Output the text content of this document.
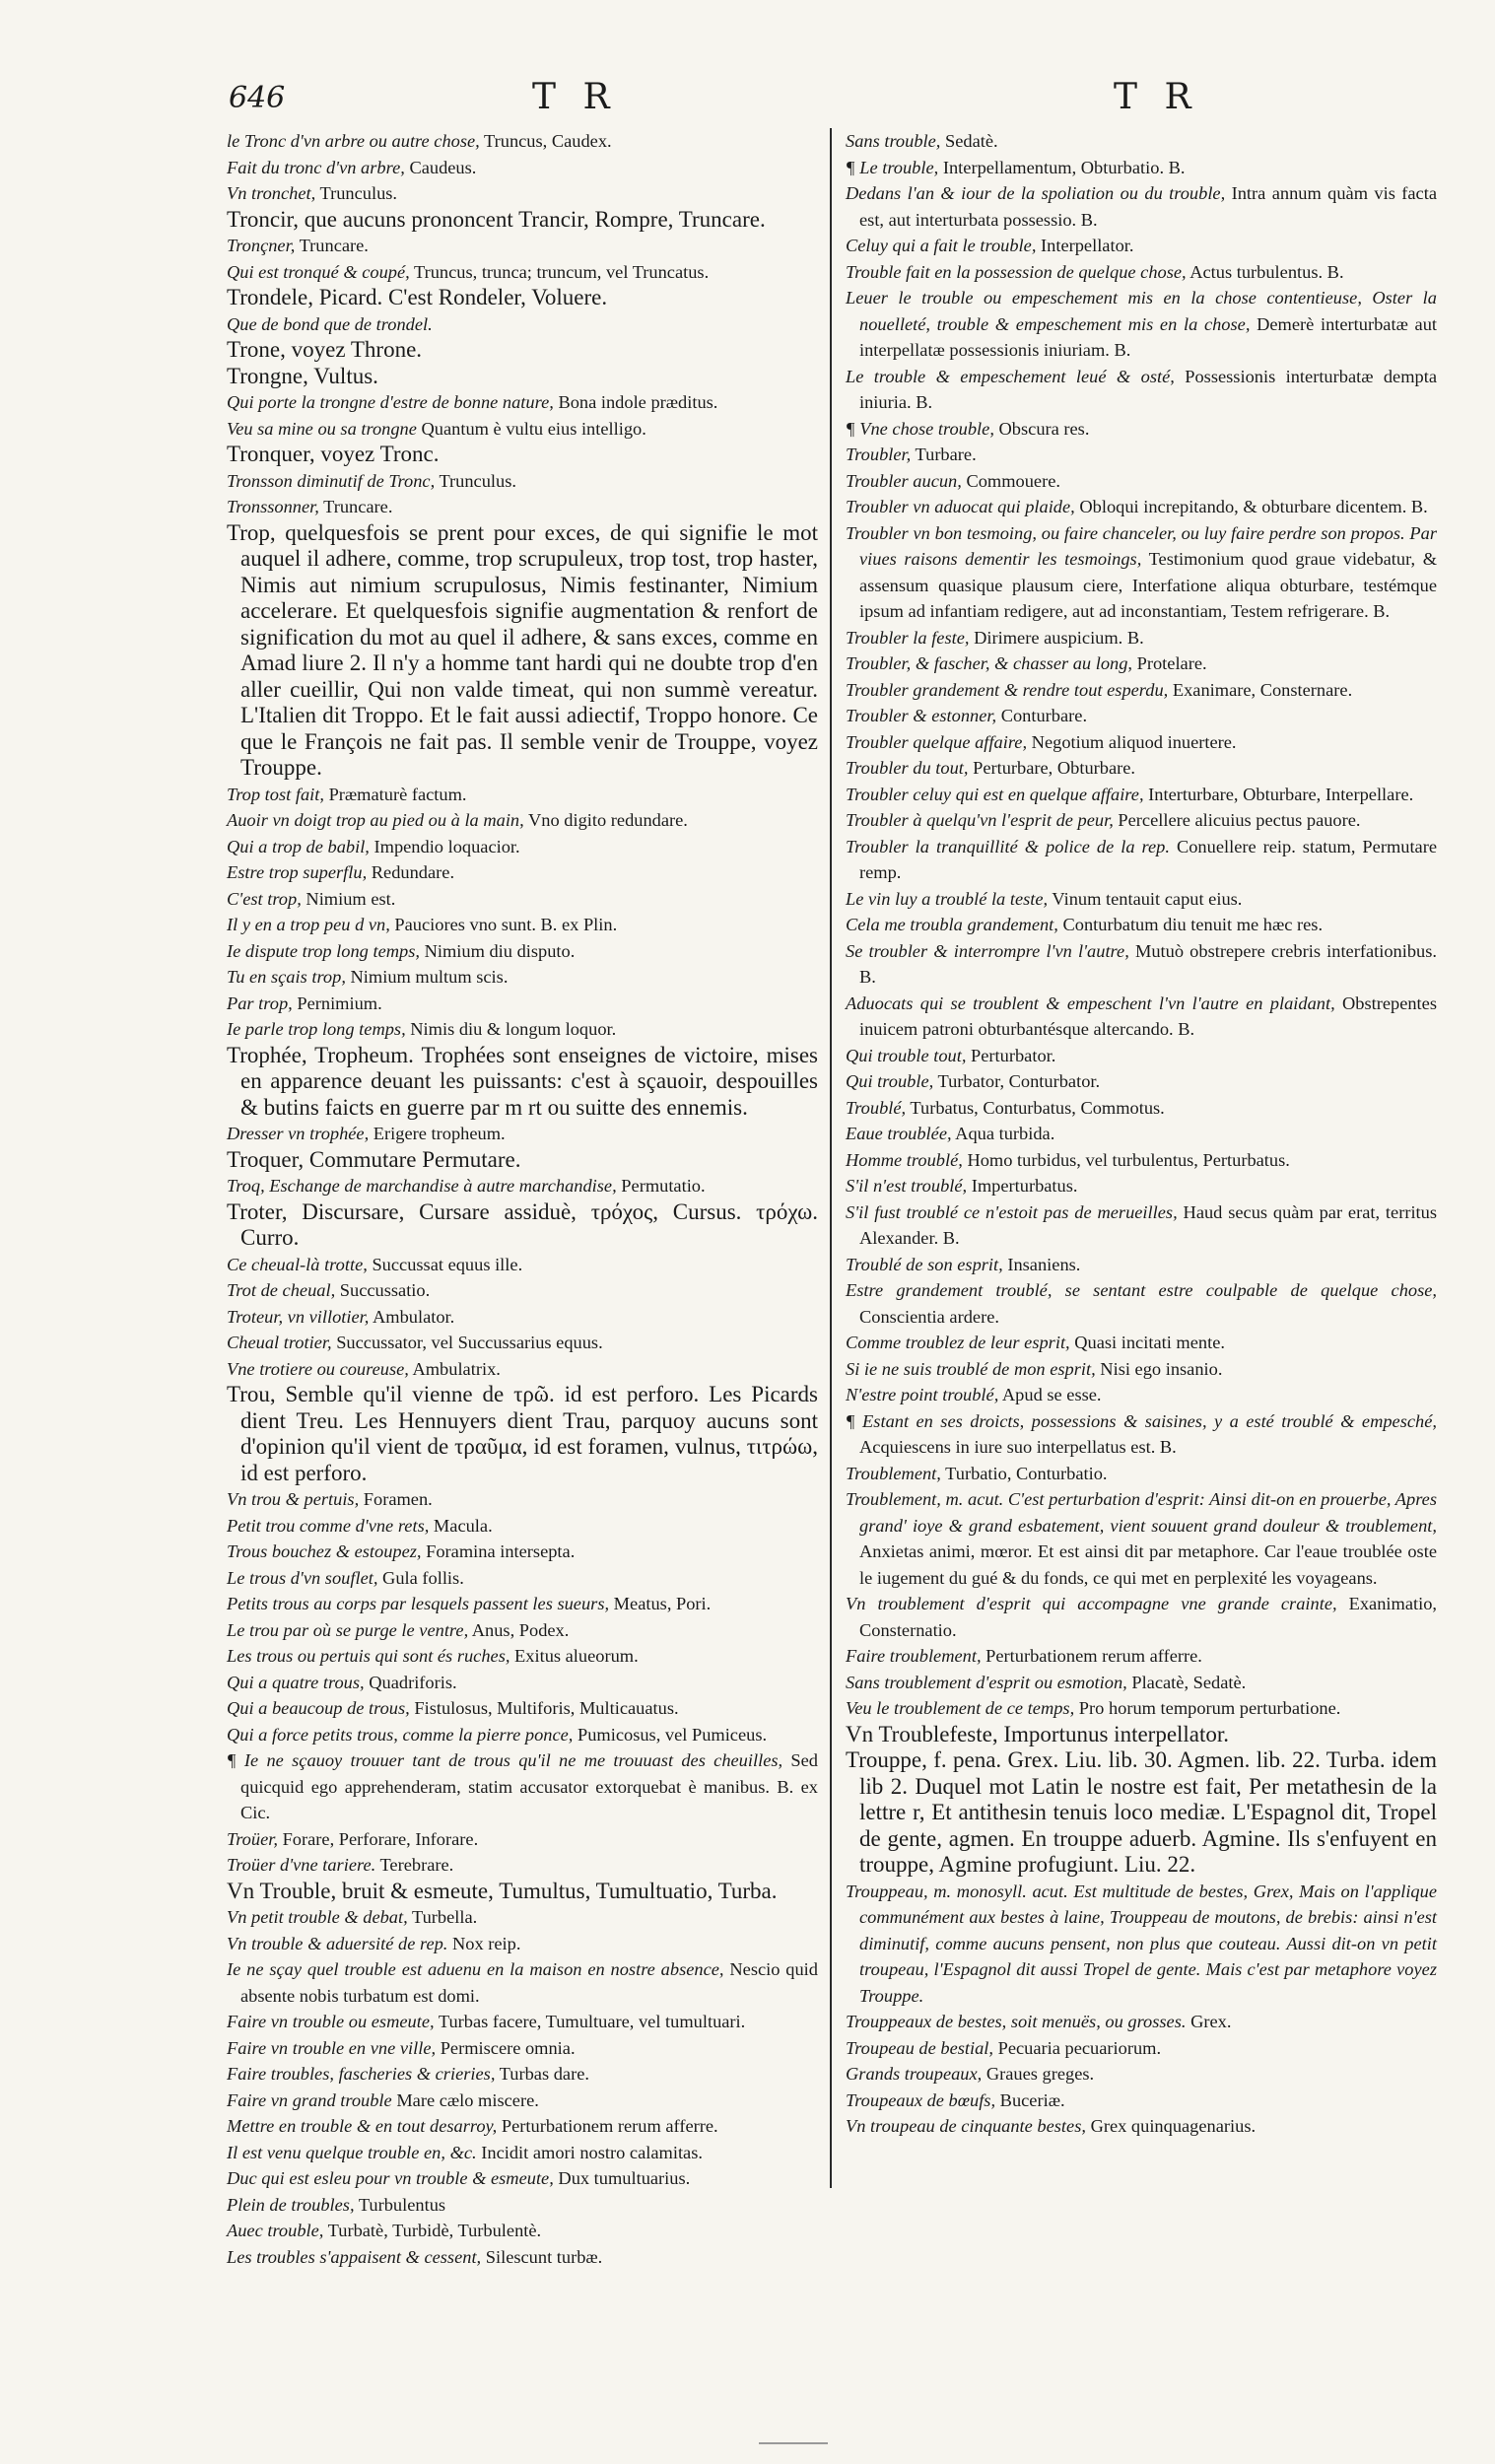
646	T R	T R

le Tronc d'vn arbre ou autre chose, Truncus, Caudex.

Fait du tronc d'vn arbre, Caudeus.

Vn tronchet, Trunculus.

Troncir, que aucuns prononcent Trancir, Rompre, Truncare.

Tronçner, Truncare.

Qui est tronqué & coupé, Truncus, trunca; truncum, vel Truncatus.

Trondele, Picard. C'est Rondeler, Voluere.

Que de bond que de trondel.

Trone, voyez Throne.

Trongne, Vultus.

Qui porte la trongne d'estre de bonne nature, Bona indole præditus.

Veu sa mine ou sa trongne Quantum è vultu eius intelligo.

Tronquer, voyez Tronc.

Tronsson diminutif de Tronc, Trunculus.

Tronssonner, Truncare.

Trop, quelquesfois se prent pour exces, de qui signifie le mot auquel il adhere, comme, trop scrupuleux, trop tost, trop haster, Nimis aut nimium scrupulosus, Nimis festinanter, Nimium accelerare. Et quelquesfois signifie augmentation & renfort de signification du mot au quel il adhere, & sans exces, comme en Amad liure 2. Il n'y a homme tant hardi qui ne doubte trop d'en aller cueillir, Qui non valde timeat, qui non summè vereatur. L'Italien dit Troppo. Et le fait aussi adiectif, Troppo honore. Ce que le François ne fait pas. Il semble venir de Trouppe, voyez Trouppe.

Trop tost fait, Præmaturè factum.

Auoir vn doigt trop au pied ou à la main, Vno digito redundare.

Qui a trop de babil, Impendio loquacior.

Estre trop superflu, Redundare.

C'est trop, Nimium est.

Il y en a trop peu d vn, Pauciores vno sunt. B. ex Plin.

Ie dispute trop long temps, Nimium diu disputo.

Tu en sçais trop, Nimium multum scis.

Par trop, Pernimium.

Ie parle trop long temps, Nimis diu & longum loquor.

Trophée, Tropheum. Trophées sont enseignes de victoire, mises en apparence deuant les puissants: c'est à sçauoir, despouilles & butins faicts en guerre par m rt ou suitte des ennemis.

Dresser vn trophée, Erigere tropheum.

Troquer, Commutare Permutare.

Troq, Eschange de marchandise à autre marchandise, Permutatio.

Troter, Discursare, Cursare assiduè, τρόχος, Cursus. τρόχω. Curro.

Ce cheual-là trotte, Succussat equus ille.

Trot de cheual, Succussatio.

Troteur, vn villotier, Ambulator.

Cheual trotier, Succussator, vel Succussarius equus.

Vne trotiere ou coureuse, Ambulatrix.

Trou, Semble qu'il vienne de τρῶ. id est perforo. Les Picards dient Treu. Les Hennuyers dient Trau, parquoy aucuns sont d'opinion qu'il vient de τραῦμα, id est foramen, vulnus, τιτρώω, id est perforo.

Vn trou & pertuis, Foramen.

Petit trou comme d'vne rets, Macula.

Trous bouchez & estoupez, Foramina intersepta.

Le trous d'vn souflet, Gula follis.

Petits trous au corps par lesquels passent les sueurs, Meatus, Pori.

Le trou par où se purge le ventre, Anus, Podex.

Les trous ou pertuis qui sont és ruches, Exitus alueorum.

Qui a quatre trous, Quadriforis.

Qui a beaucoup de trous, Fistulosus, Multiforis, Multicauatus.

Qui a force petits trous, comme la pierre ponce, Pumicosus, vel Pumiceus.

¶ Ie ne sçauoy trouuer tant de trous qu'il ne me trouuast des cheuilles, Sed quicquid ego apprehenderam, statim accusator extorquebat è manibus. B. ex Cic.

Troüer, Forare, Perforare, Inforare.

Troüer d'vne tariere. Terebrare.

Vn Trouble, bruit & esmeute, Tumultus, Tumultuatio, Turba.

Vn petit trouble & debat, Turbella.

Vn trouble & aduersité de rep. Nox reip.

Ie ne sçay quel trouble est aduenu en la maison en nostre absence, Nescio quid absente nobis turbatum est domi.

Faire vn trouble ou esmeute, Turbas facere, Tumultuare, vel tumultuari.

Faire vn trouble en vne ville, Permiscere omnia.

Faire troubles, fascheries & crieries, Turbas dare.

Faire vn grand trouble Mare cælo miscere.

Mettre en trouble & en tout desarroy, Perturbationem rerum afferre.

Il est venu quelque trouble en, &c. Incidit amori nostro calamitas.

Duc qui est esleu pour vn trouble & esmeute, Dux tumultuarius.

Plein de troubles, Turbulentus

Auec trouble, Turbatè, Turbidè, Turbulentè.

Les troubles s'appaisent & cessent, Silescunt turbæ.

Sans trouble, Sedatè.

¶ Le trouble, Interpellamentum, Obturbatio. B.

Dedans l'an & iour de la spoliation ou du trouble, Intra annum quàm vis facta est, aut interturbata possessio. B.

Celuy qui a fait le trouble, Interpellator.

Trouble fait en la possession de quelque chose, Actus turbulentus. B.

Leuer le trouble ou empeschement mis en la chose contentieuse, Oster la nouelleté, trouble & empeschement mis en la chose, Demerè interturbatæ aut interpellatæ possessionis iniuriam. B.

Le trouble & empeschement leué & osté, Possessionis interturbatæ dempta iniuria. B.

¶ Vne chose trouble, Obscura res.

Troubler, Turbare.

Troubler aucun, Commouere.

Troubler vn aduocat qui plaide, Obloqui increpitando, & obturbare dicentem. B.

Troubler vn bon tesmoing, ou faire chanceler, ou luy faire perdre son propos. Par viues raisons dementir les tesmoings, Testimonium quod graue videbatur, & assensum quasique plausum ciere, Interfatione aliqua obturbare, testémque ipsum ad infantiam redigere, aut ad inconstantiam, Testem refrigerare. B.

Troubler la feste, Dirimere auspicium. B.

Troubler, & fascher, & chasser au long, Protelare.

Troubler grandement & rendre tout esperdu, Exanimare, Consternare.

Troubler & estonner, Conturbare.

Troubler quelque affaire, Negotium aliquod inuertere.

Troubler du tout, Perturbare, Obturbare.

Troubler celuy qui est en quelque affaire, Interturbare, Obturbare, Interpellare.

Troubler à quelqu'vn l'esprit de peur, Percellere alicuius pectus pauore.

Troubler la tranquillité & police de la rep. Conuellere reip. statum, Permutare remp.

Le vin luy a troublé la teste, Vinum tentauit caput eius.

Cela me troubla grandement, Conturbatum diu tenuit me hæc res.

Se troubler & interrompre l'vn l'autre, Mutuò obstrepere crebris interfationibus. B.

Aduocats qui se troublent & empeschent l'vn l'autre en plaidant, Obstrepentes inuicem patroni obturbantésque altercando. B.

Qui trouble tout, Perturbator.

Qui trouble, Turbator, Conturbator.

Troublé, Turbatus, Conturbatus, Commotus.

Eaue troublée, Aqua turbida.

Homme troublé, Homo turbidus, vel turbulentus, Perturbatus.

S'il n'est troublé, Imperturbatus.

S'il fust troublé ce n'estoit pas de merueilles, Haud secus quàm par erat, territus Alexander. B.

Troublé de son esprit, Insaniens.

Estre grandement troublé, se sentant estre coulpable de quelque chose, Conscientia ardere.

Comme troublez de leur esprit, Quasi incitati mente.

Si ie ne suis troublé de mon esprit, Nisi ego insanio.

N'estre point troublé, Apud se esse.

¶ Estant en ses droicts, possessions & saisines, y a esté troublé & empesché, Acquiescens in iure suo interpellatus est. B.

Troublement, Turbatio, Conturbatio.

Troublement, m. acut. C'est perturbation d'esprit: Ainsi dit-on en prouerbe, Apres grand' ioye & grand esbatement, vient souuent grand douleur & troublement, Anxietas animi, mœror. Et est ainsi dit par metaphore. Car l'eaue troublée oste le iugement du gué & du fonds, ce qui met en perplexité les voyageans.

Vn troublement d'esprit qui accompagne vne grande crainte, Exanimatio, Consternatio.

Faire troublement, Perturbationem rerum afferre.

Sans troublement d'esprit ou esmotion, Placatè, Sedatè.

Veu le troublement de ce temps, Pro horum temporum perturbatione.

Vn Troublefeste, Importunus interpellator.

Trouppe, f. pena. Grex. Liu. lib. 30. Agmen. lib. 22. Turba. idem lib 2. Duquel mot Latin le nostre est fait, Per metathesin de la lettre r, Et antithesin tenuis loco mediæ. L'Espagnol dit, Tropel de gente, agmen. En trouppe aduerb. Agmine. Ils s'enfuyent en trouppe, Agmine profugiunt. Liu. 22.

Trouppeau, m. monosyll. acut. Est multitude de bestes, Grex, Mais on l'applique communément aux bestes à laine, Trouppeau de moutons, de brebis: ainsi n'est diminutif, comme aucuns pensent, non plus que couteau. Aussi dit-on vn petit troupeau, l'Espagnol dit aussi Tropel de gente. Mais c'est par metaphore voyez Trouppe.

Trouppeaux de bestes, soit menuës, ou grosses. Grex.

Troupeau de bestial, Pecuaria pecuariorum.

Grands troupeaux, Graues greges.

Troupeaux de bœufs, Buceriæ.

Vn troupeau de cinquante bestes, Grex quinquagenarius.
